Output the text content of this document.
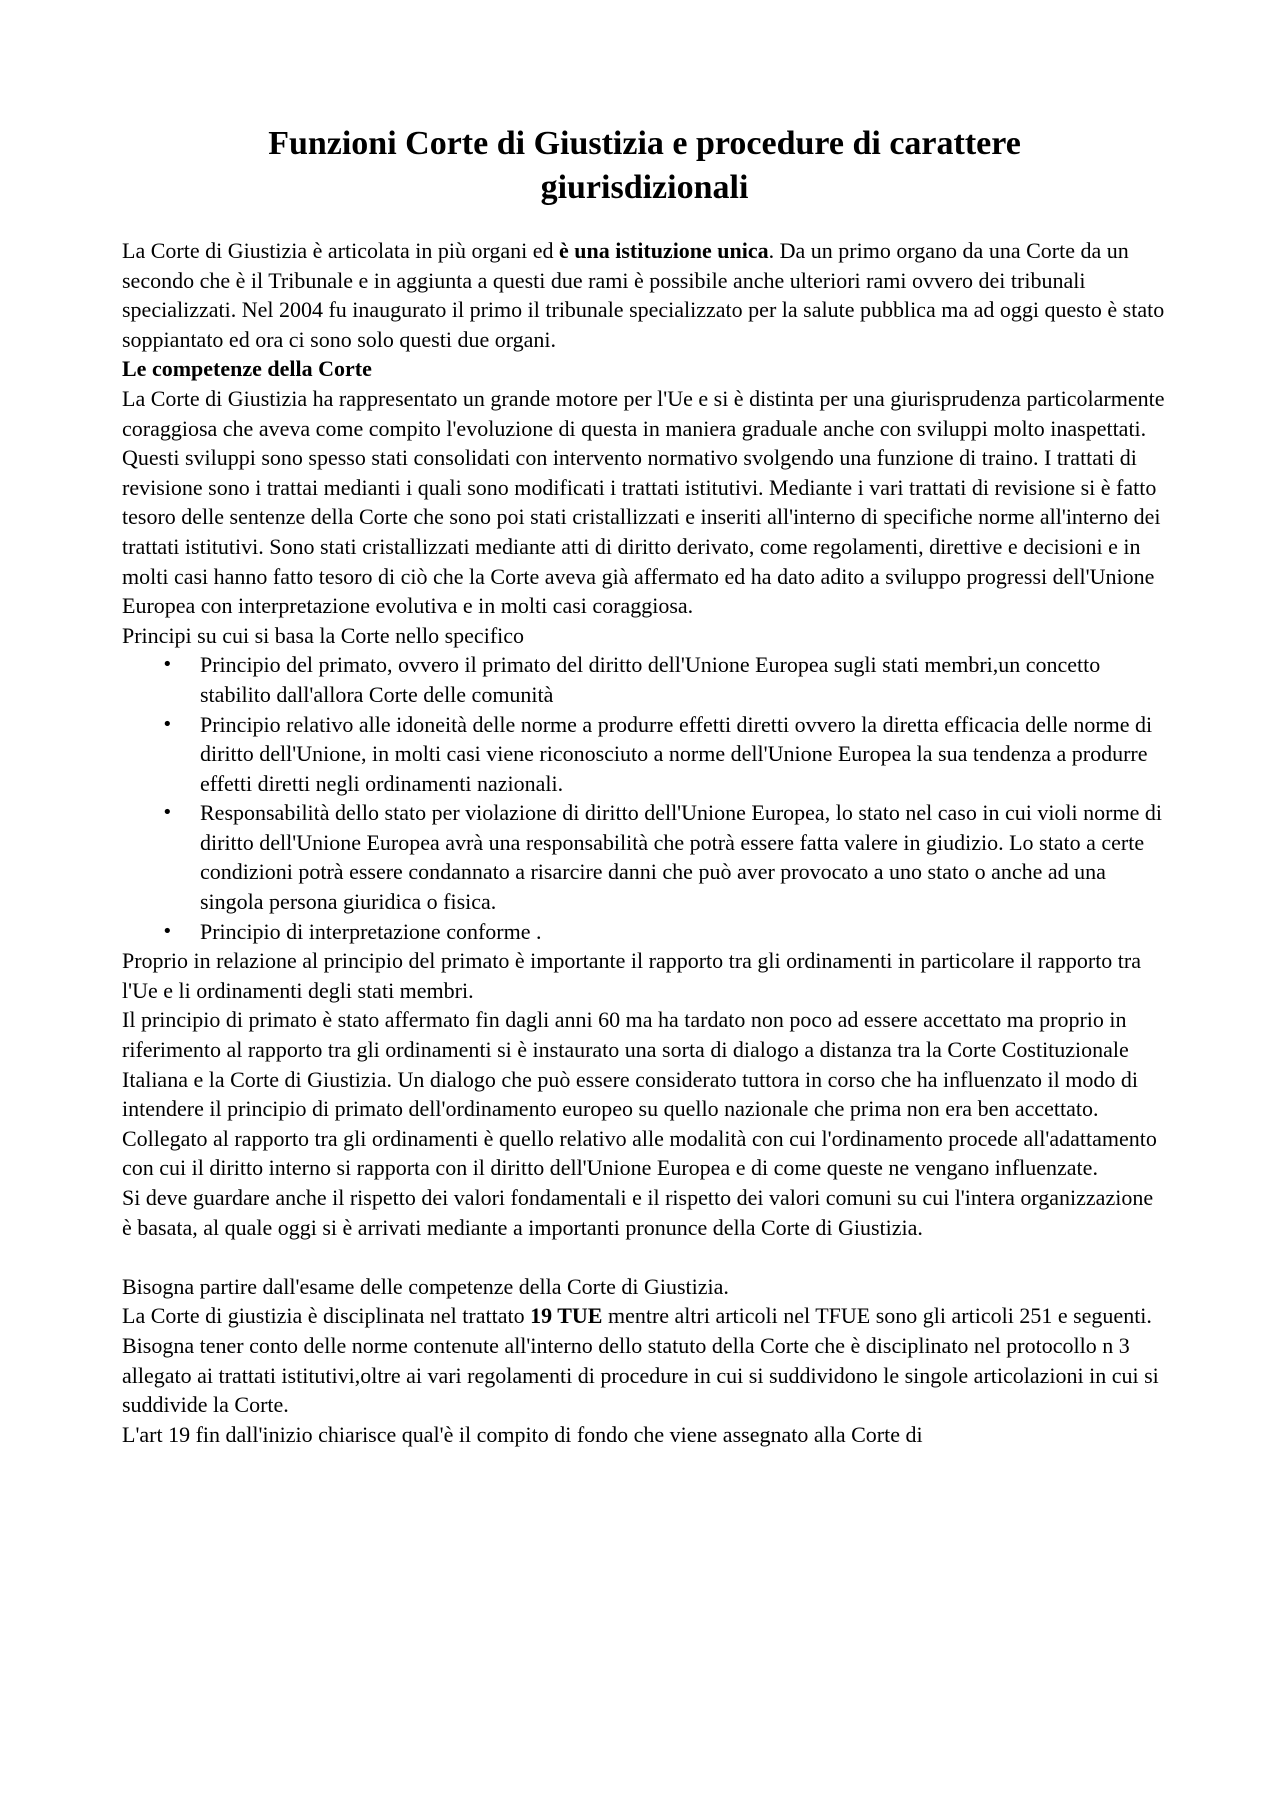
Funzioni Corte di Giustizia e procedure di carattere giurisdizionali

La Corte di Giustizia è articolata in più organi ed è una istituzione unica. Da un primo organo da una Corte da un secondo che è il Tribunale e in aggiunta a questi due rami è possibile anche ulteriori rami ovvero dei tribunali specializzati. Nel 2004 fu inaugurato il primo il tribunale specializzato per la salute pubblica ma ad oggi questo è stato soppiantato ed ora ci sono solo questi due organi.

Le competenze della Corte

La Corte di Giustizia ha rappresentato un grande motore per l'Ue e si è distinta per una giurisprudenza particolarmente coraggiosa che aveva come compito l'evoluzione di questa in maniera graduale anche con sviluppi molto inaspettati. Questi sviluppi sono spesso stati consolidati con intervento normativo svolgendo una funzione di traino. I trattati di revisione sono i trattai medianti i quali sono modificati i trattati istitutivi. Mediante i vari trattati di revisione si è fatto tesoro delle sentenze della Corte che sono poi stati cristallizzati e inseriti all'interno di specifiche norme all'interno dei trattati istitutivi. Sono stati cristallizzati mediante atti di diritto derivato, come regolamenti, direttive e decisioni e in molti casi hanno fatto tesoro di ciò che la Corte aveva già affermato ed ha dato adito a sviluppo progressi dell'Unione Europea con interpretazione evolutiva e in molti casi coraggiosa.

Principi su cui si basa la Corte nello specifico

• Principio del primato, ovvero il primato del diritto dell'Unione Europea sugli stati membri,un concetto stabilito dall'allora Corte delle comunità
• Principio relativo alle idoneità delle norme a produrre effetti diretti ovvero la diretta efficacia delle norme di diritto dell'Unione, in molti casi viene riconosciuto a norme dell'Unione Europea la sua tendenza a produrre effetti diretti negli ordinamenti nazionali.
• Responsabilità dello stato per violazione di diritto dell'Unione Europea, lo stato nel caso in cui violi norme di diritto dell'Unione Europea avrà una responsabilità che potrà essere fatta valere in giudizio. Lo stato a certe condizioni potrà essere condannato a risarcire danni che può aver provocato a uno stato o anche ad una singola persona giuridica o fisica.
• Principio di interpretazione conforme .

Proprio in relazione al principio del primato è importante il rapporto tra gli ordinamenti in particolare il rapporto tra l'Ue e li ordinamenti degli stati membri.

Il principio di primato è stato affermato fin dagli anni 60 ma ha tardato non poco ad essere accettato ma proprio in riferimento al rapporto tra gli ordinamenti si è instaurato una sorta di dialogo a distanza tra la Corte Costituzionale Italiana e la Corte di Giustizia. Un dialogo che può essere considerato tuttora in corso che ha influenzato il modo di intendere il principio di primato dell'ordinamento europeo su quello nazionale che prima non era ben accettato.

Collegato al rapporto tra gli ordinamenti è quello relativo alle modalità con cui l'ordinamento procede all'adattamento con cui il diritto interno si rapporta con il diritto dell'Unione Europea e di come queste ne vengano influenzate.

Si deve guardare anche il rispetto dei valori fondamentali e il rispetto dei valori comuni su cui l'intera organizzazione è basata, al quale oggi si è arrivati mediante a importanti pronunce della Corte di Giustizia.

Bisogna partire dall'esame delle competenze della Corte di Giustizia.

La Corte di giustizia è disciplinata nel trattato 19 TUE mentre altri articoli nel TFUE sono gli articoli 251 e seguenti. Bisogna tener conto delle norme contenute all'interno dello statuto della Corte che è disciplinato nel protocollo n 3 allegato ai trattati istitutivi,oltre ai vari regolamenti di procedure in cui si suddividono le singole articolazioni in cui si suddivide la Corte.

L'art 19 fin dall'inizio chiarisce qual'è il compito di fondo che viene assegnato alla Corte di
